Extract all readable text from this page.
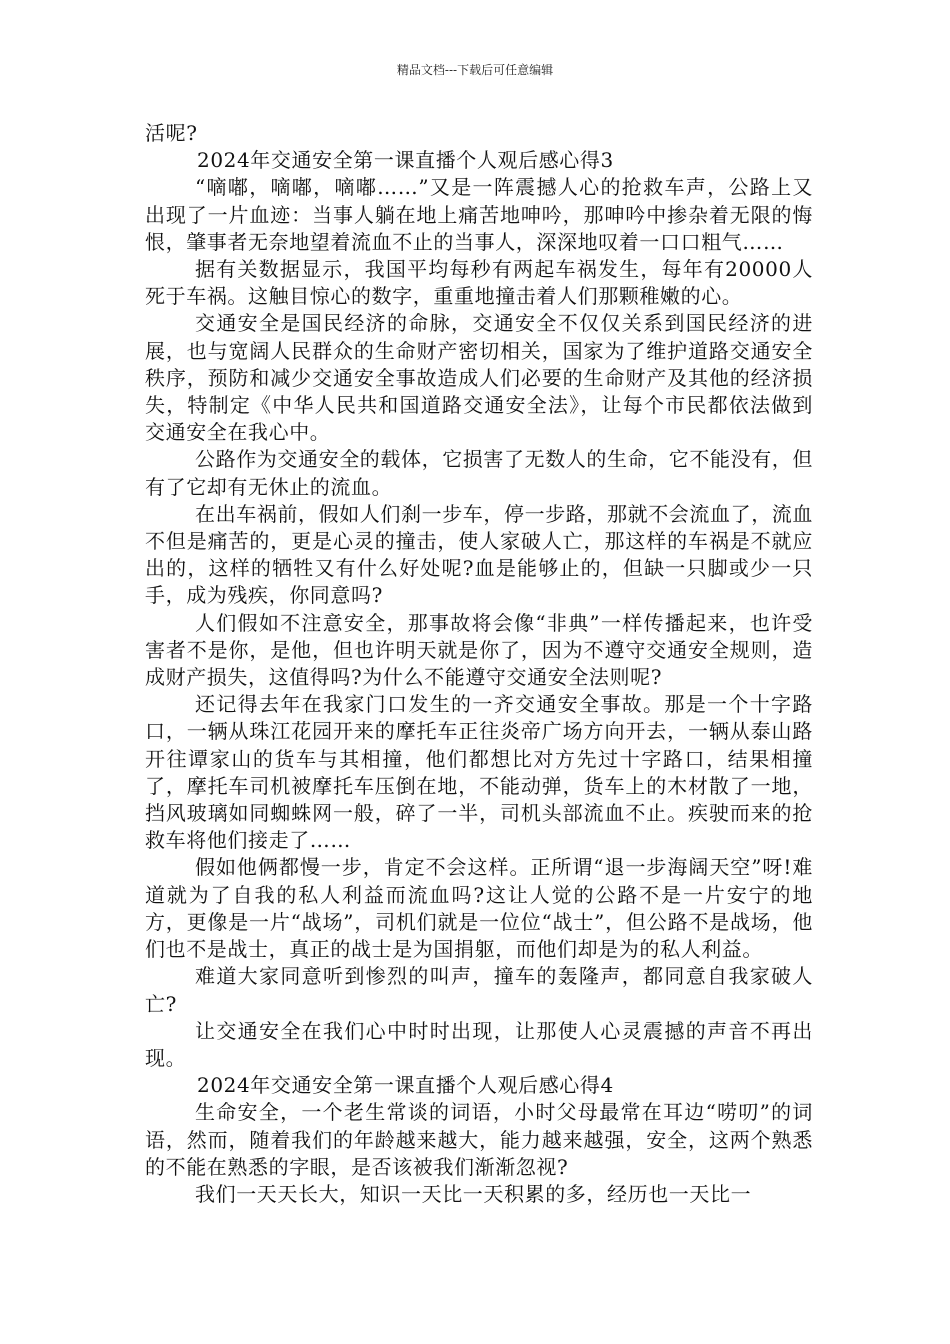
精品文档---下载后可任意编辑

活呢?

2024年交通安全第一课直播个人观后感心得3

“嘀嘟，嘀嘟，嘀嘟……”又是一阵震撼人心的抢救车声，公路上又出现了一片血迹：当事人躺在地上痛苦地呻吟，那呻吟中掺杂着无限的悔恨，肇事者无奈地望着流血不止的当事人，深深地叹着一口口粗气……

据有关数据显示，我国平均每秒有两起车祸发生，每年有20000人死于车祸。这触目惊心的数字，重重地撞击着人们那颗稚嫩的心。

交通安全是国民经济的命脉，交通安全不仅仅关系到国民经济的进展，也与宽阔人民群众的生命财产密切相关，国家为了维护道路交通安全秩序，预防和减少交通安全事故造成人们必要的生命财产及其他的经济损失，特制定《中华人民共和国道路交通安全法》，让每个市民都依法做到交通安全在我心中。

公路作为交通安全的载体，它损害了无数人的生命，它不能没有，但有了它却有无休止的流血。

在出车祸前，假如人们刹一步车，停一步路，那就不会流血了，流血不但是痛苦的，更是心灵的撞击，使人家破人亡，那这样的车祸是不就应出的，这样的牺牲又有什么好处呢?血是能够止的，但缺一只脚或少一只手，成为残疾，你同意吗?

人们假如不注意安全，那事故将会像“非典”一样传播起来，也许受害者不是你，是他，但也许明天就是你了，因为不遵守交通安全规则，造成财产损失，这值得吗?为什么不能遵守交通安全法则呢?

还记得去年在我家门口发生的一齐交通安全事故。那是一个十字路口，一辆从珠江花园开来的摩托车正往炎帝广场方向开去，一辆从泰山路开往谭家山的货车与其相撞，他们都想比对方先过十字路口，结果相撞了，摩托车司机被摩托车压倒在地，不能动弹，货车上的木材散了一地，挡风玻璃如同蜘蛛网一般，碎了一半，司机头部流血不止。疾驶而来的抢救车将他们接走了……

假如他俩都慢一步，肯定不会这样。正所谓“退一步海阔天空”呀!难道就为了自我的私人利益而流血吗?这让人觉的公路不是一片安宁的地方，更像是一片“战场”，司机们就是一位位“战士”，但公路不是战场，他们也不是战士，真正的战士是为国捐躯，而他们却是为的私人利益。

难道大家同意听到惨烈的叫声，撞车的轰隆声，都同意自我家破人亡?

让交通安全在我们心中时时出现，让那使人心灵震撼的声音不再出现。

2024年交通安全第一课直播个人观后感心得4

生命安全，一个老生常谈的词语，小时父母最常在耳边“唠叨”的词语，然而，随着我们的年龄越来越大，能力越来越强，安全，这两个熟悉的不能在熟悉的字眼，是否该被我们渐渐忽视?

我们一天天长大，知识一天比一天积累的多，经历也一天比一
